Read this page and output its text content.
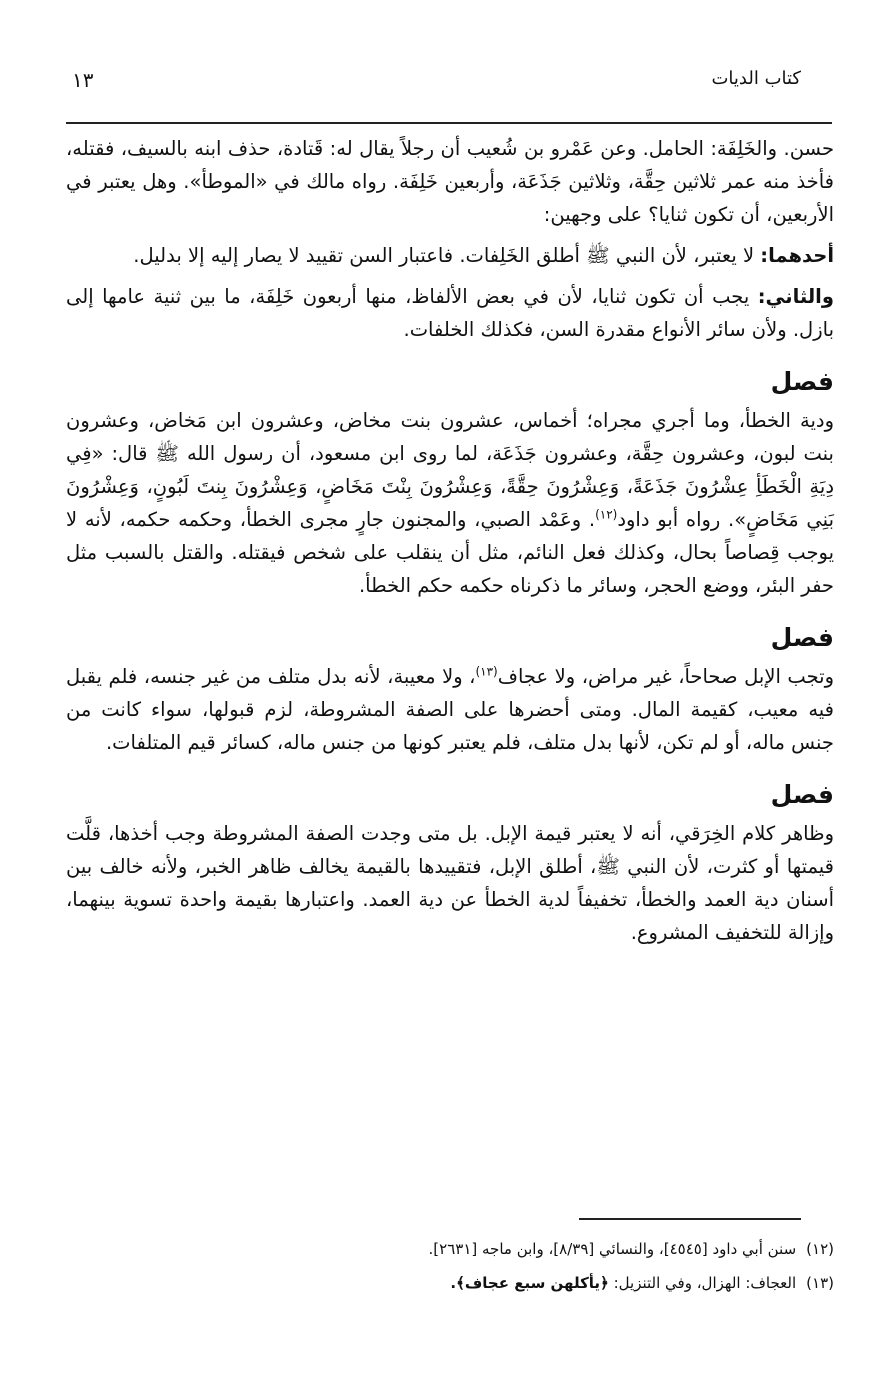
كتاب الديات
١٣

حسن. والخَلِفَة: الحامل. وعن عَمْرو بن شُعيب أن رجلاً يقال له: قَتادة، حذف ابنه بالسيف، فقتله، فأخذ منه عمر ثلاثين حِقَّة، وثلاثين جَذَعَة، وأربعين خَلِفَة. رواه مالك في «الموطأ». وهل يعتبر في الأربعين، أن تكون ثنايا؟ على وجهين:

أحدهما: لا يعتبر، لأن النبي ﷺ أطلق الخَلِفات. فاعتبار السن تقييد لا يصار إليه إلا بدليل.

والثاني: يجب أن تكون ثنايا، لأن في بعض الألفاظ، منها أربعون خَلِفَة، ما بين ثنية عامها إلى بازل. ولأن سائر الأنواع مقدرة السن، فكذلك الخلفات.

فصل

ودية الخطأ، وما أجري مجراه؛ أخماس، عشرون بنت مخاض، وعشرون ابن مَخاض، وعشرون بنت لبون، وعشرون حِقَّة، وعشرون جَذَعَة، لما روى ابن مسعود، أن رسول الله ﷺ قال: «فِي دِيَةِ الْخَطَأِ عِشْرُونَ جَذَعَةً، وَعِشْرُونَ حِقَّةً، وَعِشْرُونَ بِنْتَ مَخَاضٍ، وَعِشْرُونَ بِنتَ لَبُونٍ، وَعِشْرُونَ بَنِي مَخَاضٍ». رواه أبو داود$^{(١٢)}$. وعَمْد الصبي، والمجنون جارٍ مجرى الخطأ، وحكمه حكمه، لأنه لا يوجب قِصاصاً بحال، وكذلك فعل النائم، مثل أن ينقلب على شخص فيقتله. والقتل بالسبب مثل حفر البئر، ووضع الحجر، وسائر ما ذكرناه حكمه حكم الخطأ.

فصل

وتجب الإبل صحاحاً، غير مراض، ولا عجاف$^{(١٣)}$، ولا معيبة، لأنه بدل متلف من غير جنسه، فلم يقبل فيه معيب، كقيمة المال. ومتى أحضرها على الصفة المشروطة، لزم قبولها، سواء كانت من جنس ماله، أو لم تكن، لأنها بدل متلف، فلم يعتبر كونها من جنس ماله، كسائر قيم المتلفات.

فصل

وظاهر كلام الخِرَقي، أنه لا يعتبر قيمة الإبل. بل متى وجدت الصفة المشروطة وجب أخذها، قلَّت قيمتها أو كثرت، لأن النبي ﷺ، أطلق الإبل، فتقييدها بالقيمة يخالف ظاهر الخبر، ولأنه خالف بين أسنان دية العمد والخطأ، تخفيفاً لدية الخطأ عن دية العمد. واعتبارها بقيمة واحدة تسوية بينهما، وإزالة للتخفيف المشروع.

(١٢)سنن أبي داود [٤٥٤٥]، والنسائي [٨/٣٩]، وابن ماجه [٢٦٣١].
(١٣)العجاف: الهزال، وفي التنزيل: ﴿يأكلهن سبع عجاف﴾.
